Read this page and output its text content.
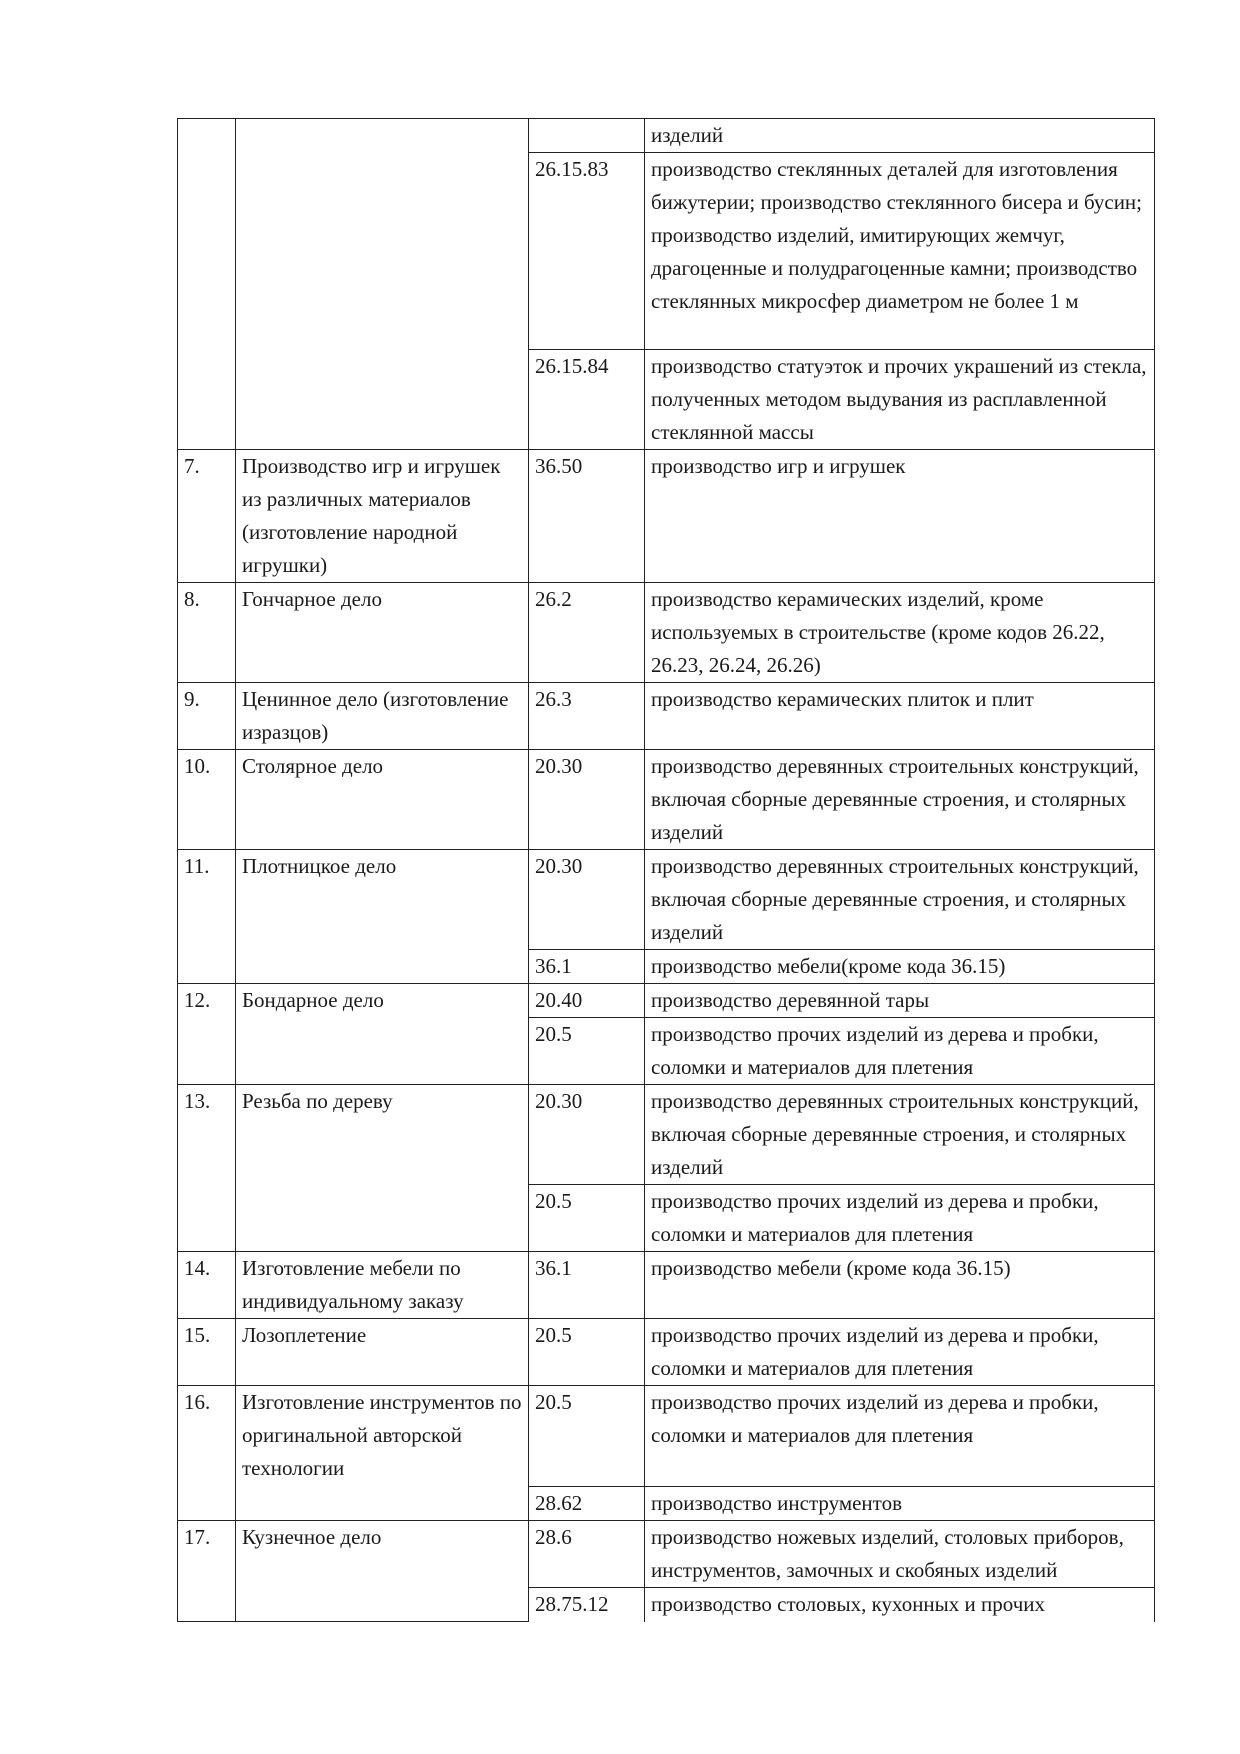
			изделий
		26.15.83	производство стеклянных деталей для изготовления бижутерии; производство стеклянного бисера и бусин; производство изделий, имитирующих жемчуг, драгоценные и полудрагоценные камни; производство стеклянных микросфер диаметром не более 1 м
		26.15.84	производство статуэток и прочих украшений из стекла, полученных методом выдувания из расплавленной стеклянной массы
7.	Производство игр и игрушек из различных материалов (изготовление народной игрушки)	36.50	производство игр и игрушек
8.	Гончарное дело	26.2	производство керамических изделий, кроме используемых в строительстве (кроме кодов 26.22, 26.23, 26.24, 26.26)
9.	Ценинное дело (изготовление изразцов)	26.3	производство керамических плиток и плит
10.	Столярное дело	20.30	производство деревянных строительных конструкций, включая сборные деревянные строения, и столярных изделий
11.	Плотницкое дело	20.30	производство деревянных строительных конструкций, включая сборные деревянные строения, и столярных изделий
		36.1	производство мебели(кроме кода 36.15)
12.	Бондарное дело	20.40	производство деревянной тары
		20.5	производство прочих изделий из дерева и пробки, соломки и материалов для плетения
13.	Резьба по дереву	20.30	производство деревянных строительных конструкций, включая сборные деревянные строения, и столярных изделий
		20.5	производство прочих изделий из дерева и пробки, соломки и материалов для плетения
14.	Изготовление мебели по индивидуальному заказу	36.1	производство мебели (кроме кода 36.15)
15.	Лозоплетение	20.5	производство прочих изделий из дерева и пробки, соломки и материалов для плетения
16.	Изготовление инструментов по оригинальной авторской технологии	20.5	производство прочих изделий из дерева и пробки, соломки и материалов для плетения
		28.62	производство инструментов
17.	Кузнечное дело	28.6	производство ножевых изделий, столовых приборов, инструментов, замочных и скобяных изделий
		28.75.12	производство столовых, кухонных и прочих
